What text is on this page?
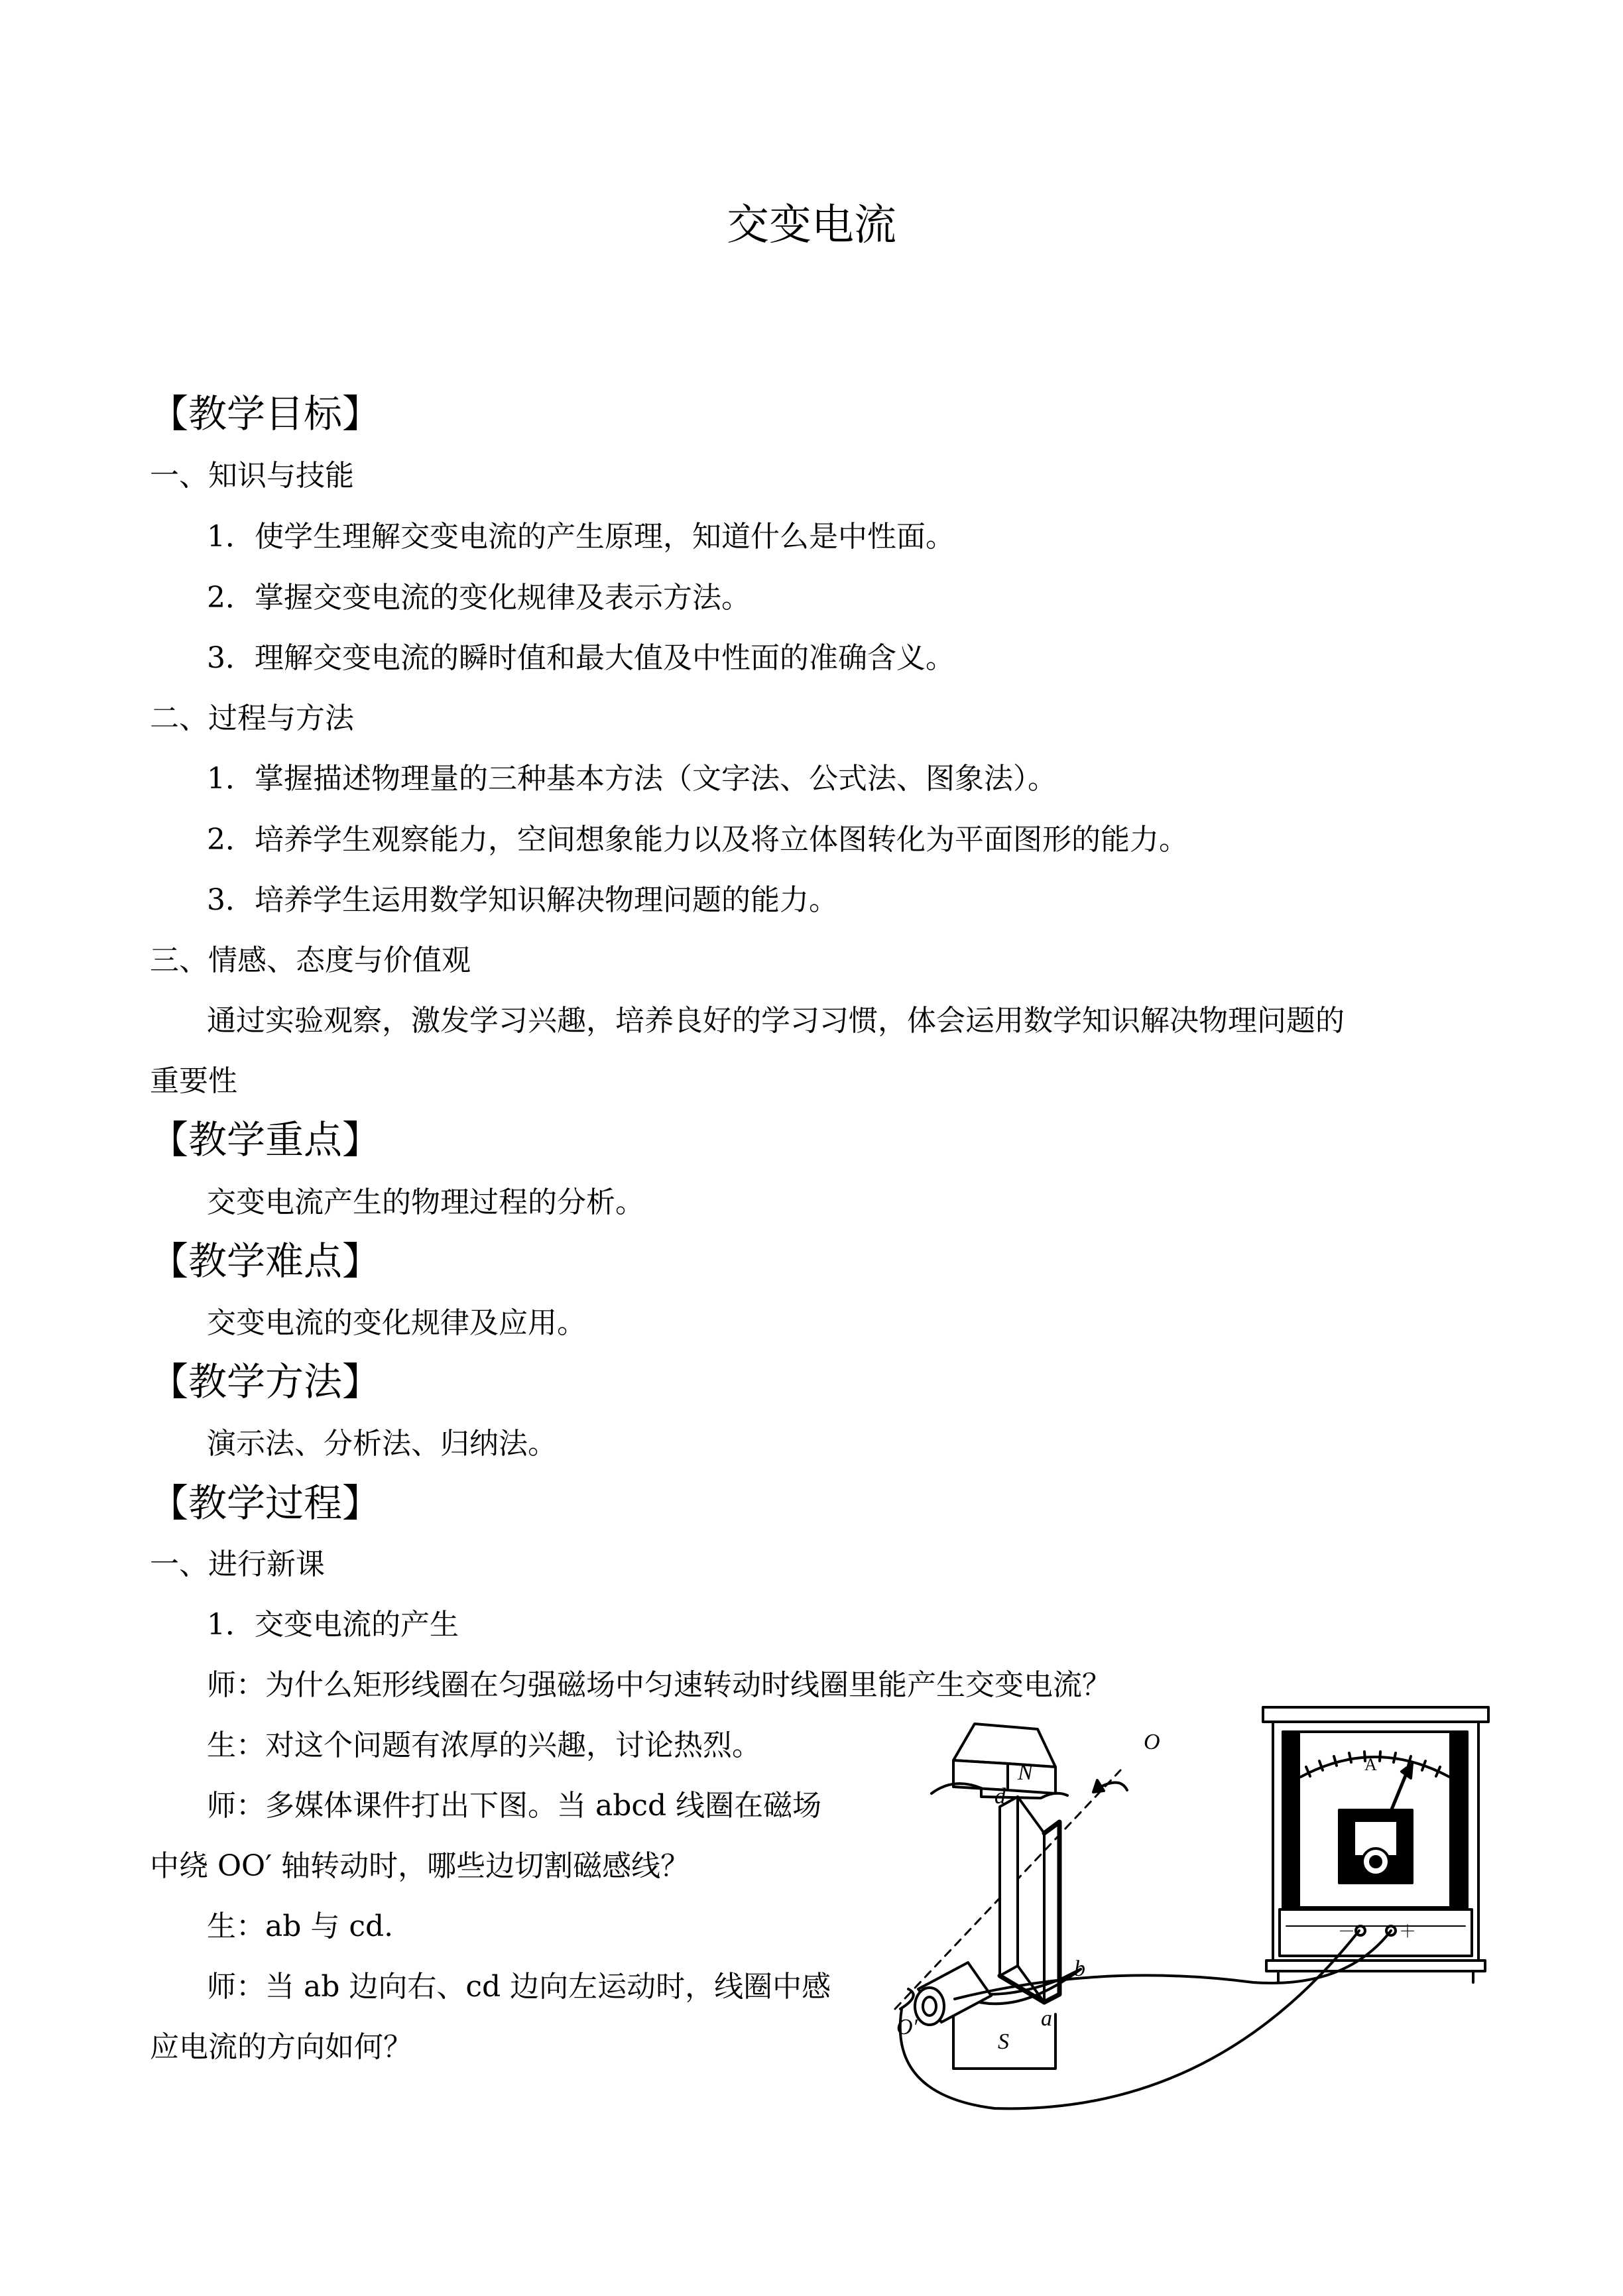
交变电流
【教学目标】
一、知识与技能
1．使学生理解交变电流的产生原理，知道什么是中性面。
2．掌握交变电流的变化规律及表示方法。
3．理解交变电流的瞬时值和最大值及中性面的准确含义。
二、过程与方法
1．掌握描述物理量的三种基本方法（文字法、公式法、图象法）。
2．培养学生观察能力，空间想象能力以及将立体图转化为平面图形的能力。
3．培养学生运用数学知识解决物理问题的能力。
三、情感、态度与价值观
通过实验观察，激发学习兴趣，培养良好的学习习惯，体会运用数学知识解决物理问题的
重要性
【教学重点】
交变电流产生的物理过程的分析。
【教学难点】
交变电流的变化规律及应用。
【教学方法】
演示法、分析法、归纳法。
【教学过程】
一、进行新课
1．交变电流的产生
师：为什么矩形线圈在匀强磁场中匀速转动时线圈里能产生交变电流？
生：对这个问题有浓厚的兴趣，讨论热烈。
师：多媒体课件打出下图。当 abcd 线圈在磁场
中绕 OO′ 轴转动时，哪些边切割磁感线？
生：ab 与 cd.
师：当 ab 边向右、cd 边向左运动时，线圈中感
应电流的方向如何？
N
S
O
O′	a
b
d
A
－	＋
